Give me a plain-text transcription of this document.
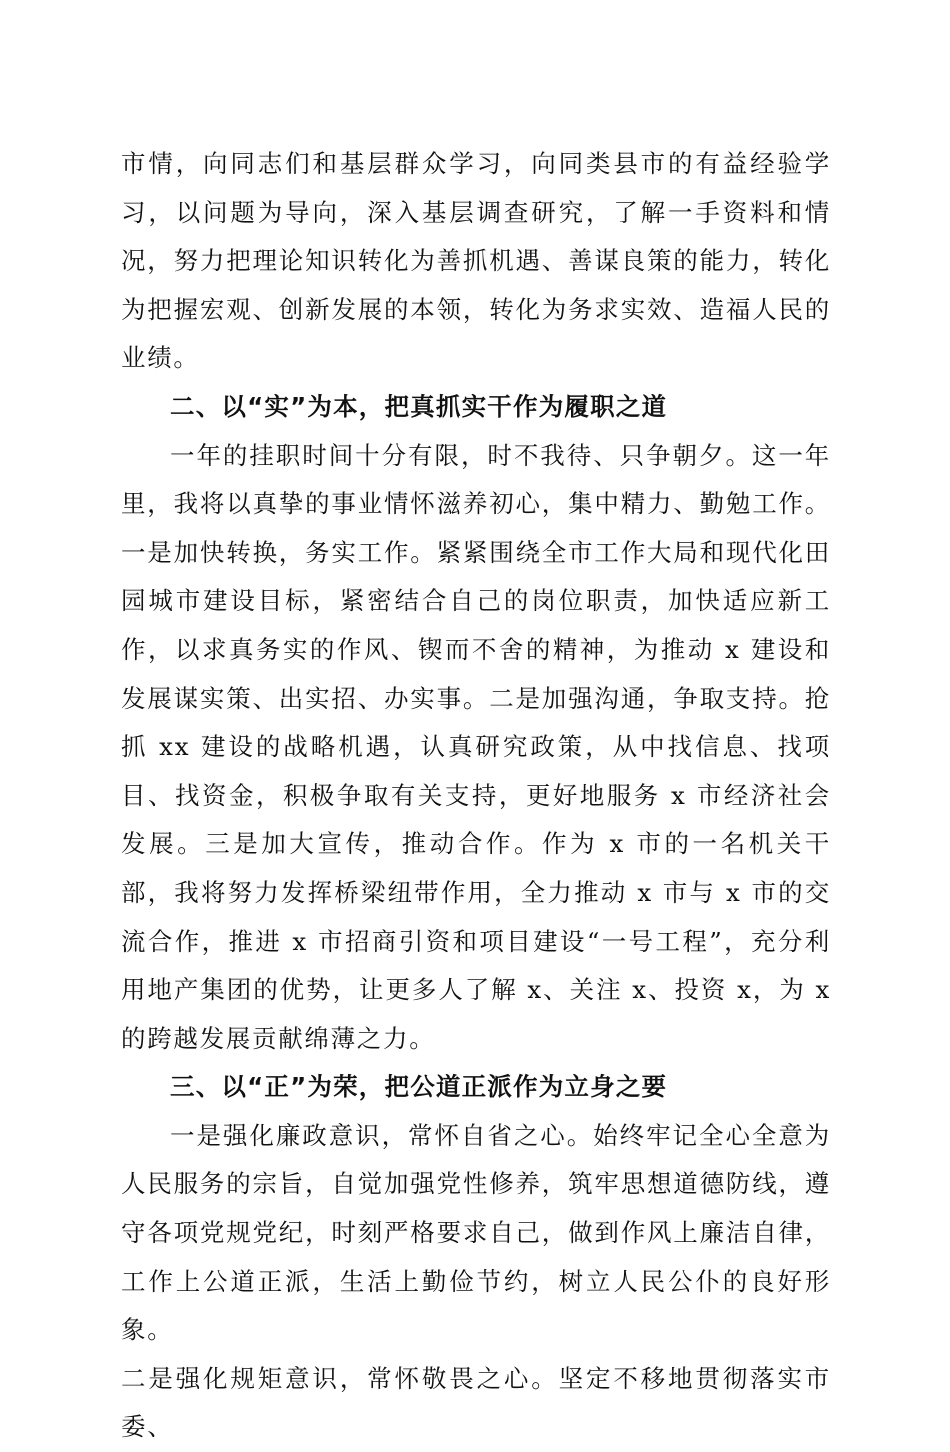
市情，向同志们和基层群众学习，向同类县市的有益经验学习，以问题为导向，深入基层调查研究，了解一手资料和情况，努力把理论知识转化为善抓机遇、善谋良策的能力，转化为把握宏观、创新发展的本领，转化为务求实效、造福人民的业绩。

二、以“实”为本，把真抓实干作为履职之道

一年的挂职时间十分有限，时不我待、只争朝夕。这一年里，我将以真挚的事业情怀滋养初心，集中精力、勤勉工作。一是加快转换，务实工作。紧紧围绕全市工作大局和现代化田园城市建设目标，紧密结合自己的岗位职责，加快适应新工作，以求真务实的作风、锲而不舍的精神，为推动 x 建设和发展谋实策、出实招、办实事。二是加强沟通，争取支持。抢抓 xx 建设的战略机遇，认真研究政策，从中找信息、找项目、找资金，积极争取有关支持，更好地服务 x 市经济社会发展。三是加大宣传，推动合作。作为 x 市的一名机关干部，我将努力发挥桥梁纽带作用，全力推动 x 市与 x 市的交流合作，推进 x 市招商引资和项目建设“一号工程”，充分利用地产集团的优势，让更多人了解 x、关注 x、投资 x，为 x 的跨越发展贡献绵薄之力。

三、以“正”为荣，把公道正派作为立身之要

一是强化廉政意识，常怀自省之心。始终牢记全心全意为人民服务的宗旨，自觉加强党性修养，筑牢思想道德防线，遵守各项党规党纪，时刻严格要求自己，做到作风上廉洁自律，工作上公道正派，生活上勤俭节约，树立人民公仆的良好形象。

二是强化规矩意识，常怀敬畏之心。坚定不移地贯彻落实市委、
